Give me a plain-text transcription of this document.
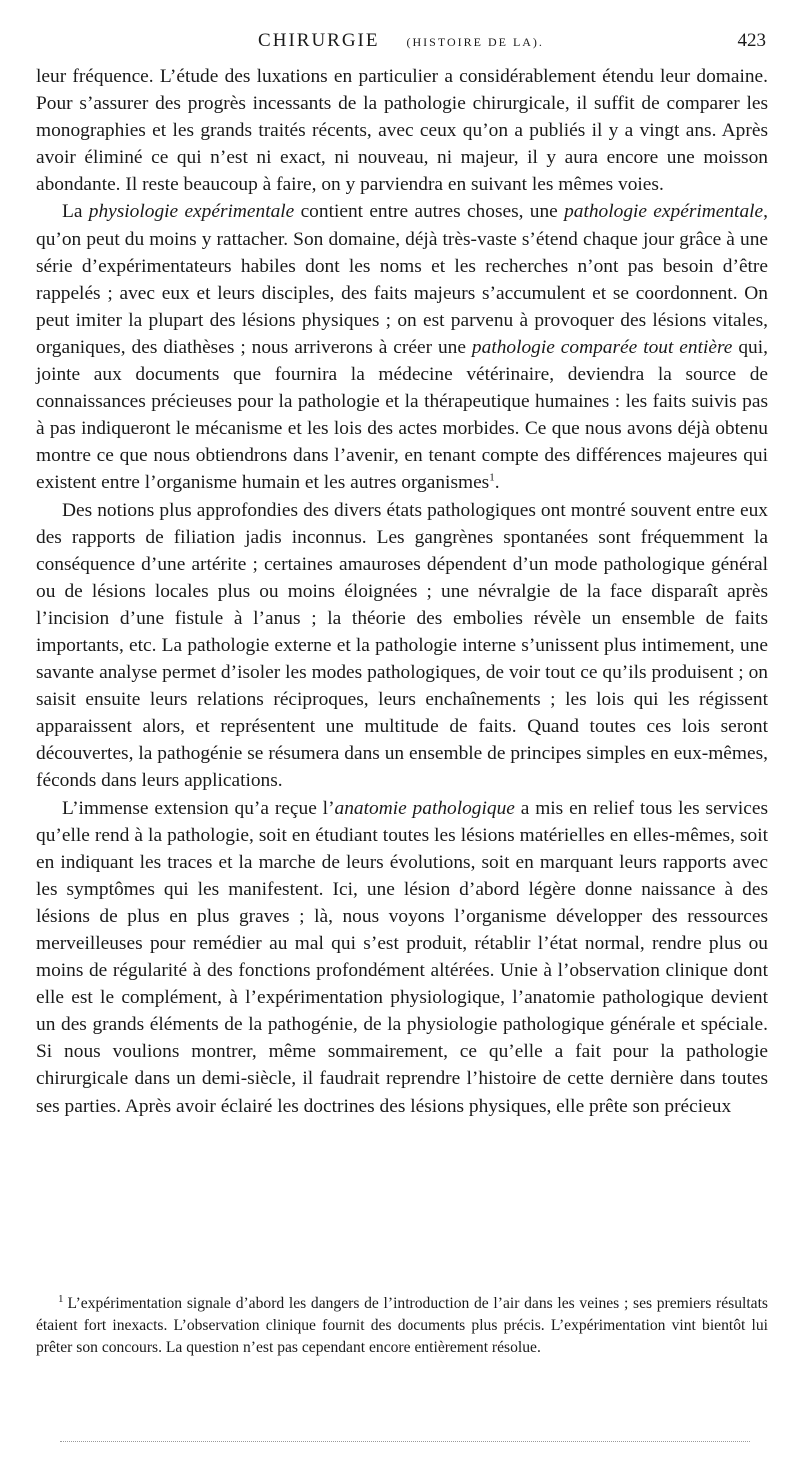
CHIRURGIE (HISTOIRE DE LA).	423

leur fréquence. L’étude des luxations en particulier a considérablement étendu leur domaine. Pour s’assurer des progrès incessants de la pathologie chirurgicale, il suffit de comparer les monographies et les grands traités récents, avec ceux qu’on a publiés il y a vingt ans. Après avoir éliminé ce qui n’est ni exact, ni nouveau, ni majeur, il y aura encore une moisson abondante. Il reste beaucoup à faire, on y parviendra en suivant les mêmes voies.

La physiologie expérimentale contient entre autres choses, une pathologie expérimentale, qu’on peut du moins y rattacher. Son domaine, déjà très-vaste s’étend chaque jour grâce à une série d’expérimentateurs habiles dont les noms et les recherches n’ont pas besoin d’être rappelés ; avec eux et leurs disciples, des faits majeurs s’accumulent et se coordonnent. On peut imiter la plupart des lésions physiques ; on est parvenu à provoquer des lésions vitales, organiques, des diathèses ; nous arriverons à créer une pathologie comparée tout entière qui, jointe aux documents que fournira la médecine vétérinaire, deviendra la source de connaissances précieuses pour la pathologie et la thérapeutique humaines : les faits suivis pas à pas indiqueront le mécanisme et les lois des actes morbides. Ce que nous avons déjà obtenu montre ce que nous obtiendrons dans l’avenir, en tenant compte des différences majeures qui existent entre l’organisme humain et les autres organismes$^1$.

Des notions plus approfondies des divers états pathologiques ont montré souvent entre eux des rapports de filiation jadis inconnus. Les gangrènes spontanées sont fréquemment la conséquence d’une artérite ; certaines amauroses dépendent d’un mode pathologique général ou de lésions locales plus ou moins éloignées ; une névralgie de la face disparaît après l’incision d’une fistule à l’anus ; la théorie des embolies révèle un ensemble de faits importants, etc. La pathologie externe et la pathologie interne s’unissent plus intimement, une savante analyse permet d’isoler les modes pathologiques, de voir tout ce qu’ils produisent ; on saisit ensuite leurs relations réciproques, leurs enchaînements ; les lois qui les régissent apparaissent alors, et représentent une multitude de faits. Quand toutes ces lois seront découvertes, la pathogénie se résumera dans un ensemble de principes simples en eux-mêmes, féconds dans leurs applications.

L’immense extension qu’a reçue l’anatomie pathologique a mis en relief tous les services qu’elle rend à la pathologie, soit en étudiant toutes les lésions matérielles en elles-mêmes, soit en indiquant les traces et la marche de leurs évolutions, soit en marquant leurs rapports avec les symptômes qui les manifestent. Ici, une lésion d’abord légère donne naissance à des lésions de plus en plus graves ; là, nous voyons l’organisme développer des ressources merveilleuses pour remédier au mal qui s’est produit, rétablir l’état normal, rendre plus ou moins de régularité à des fonctions profondément altérées. Unie à l’observation clinique dont elle est le complément, à l’expérimentation physiologique, l’anatomie pathologique devient un des grands éléments de la pathogénie, de la physiologie pathologique générale et spéciale. Si nous voulions montrer, même sommairement, ce qu’elle a fait pour la pathologie chirurgicale dans un demi-siècle, il faudrait reprendre l’histoire de cette dernière dans toutes ses parties. Après avoir éclairé les doctrines des lésions physiques, elle prête son précieux

$^1$ L’expérimentation signale d’abord les dangers de l’introduction de l’air dans les veines ; ses premiers résultats étaient fort inexacts. L’observation clinique fournit des documents plus précis. L’expérimentation vint bientôt lui prêter son concours. La question n’est pas cependant encore entièrement résolue.
